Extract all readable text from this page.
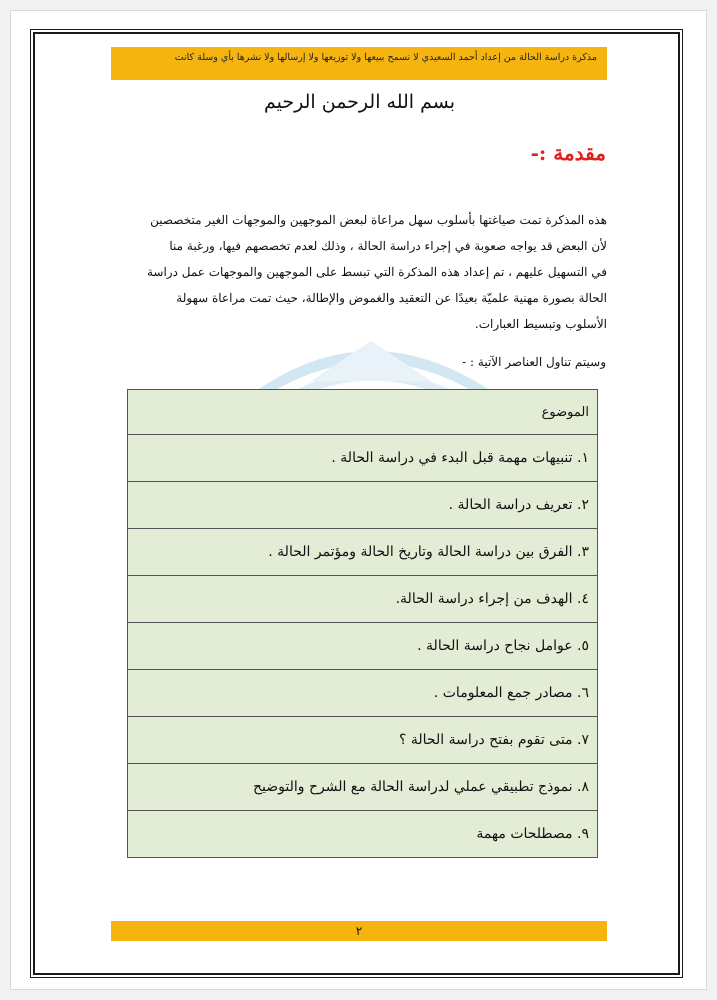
مذكرة دراسة الحالة من إعداد أحمد السعيدي لا نسمح ببيعها ولا توزيعها ولا إرسالها ولا نشرها بأي وسلة كانت
بسم الله الرحمن الرحيم
مقدمة :-
هذه المذكرة تمت صياغتها بأسلوب سهل مراعاة لبعض الموجهين والموجهات الغير متخصصين
لأن البعض قد يواجه صعوبة في إجراء دراسة الحالة ، وذلك لعدم تخصصهم فيها، ورغبة منا
في التسهيل عليهم ، تم إعداد هذه المذكرة التي تبسط على الموجهين والموجهات عمل دراسة
الحالة بصورة مهنية علميّة بعيدًا عن التعقيد والغموض والإطالة، حيث تمت مراعاة سهولة
الأسلوب وتبسيط العبارات.
وسيتم تناول العناصر الآتية : -
الموضوع
١. تنبيهات مهمة قبل البدء في دراسة الحالة .
٢. تعريف دراسة الحالة .
٣. الفرق بين دراسة الحالة وتاريخ الحالة ومؤتمر الحالة .
٤. الهدف من إجراء دراسة الحالة.
٥. عوامل نجاح دراسة الحالة .
٦. مصادر جمع المعلومات .
٧. متى تقوم بفتح دراسة الحالة ؟
٨. نموذج تطبيقي عملي لدراسة الحالة مع الشرح والتوضيح
٩. مصطلحات مهمة
٢
